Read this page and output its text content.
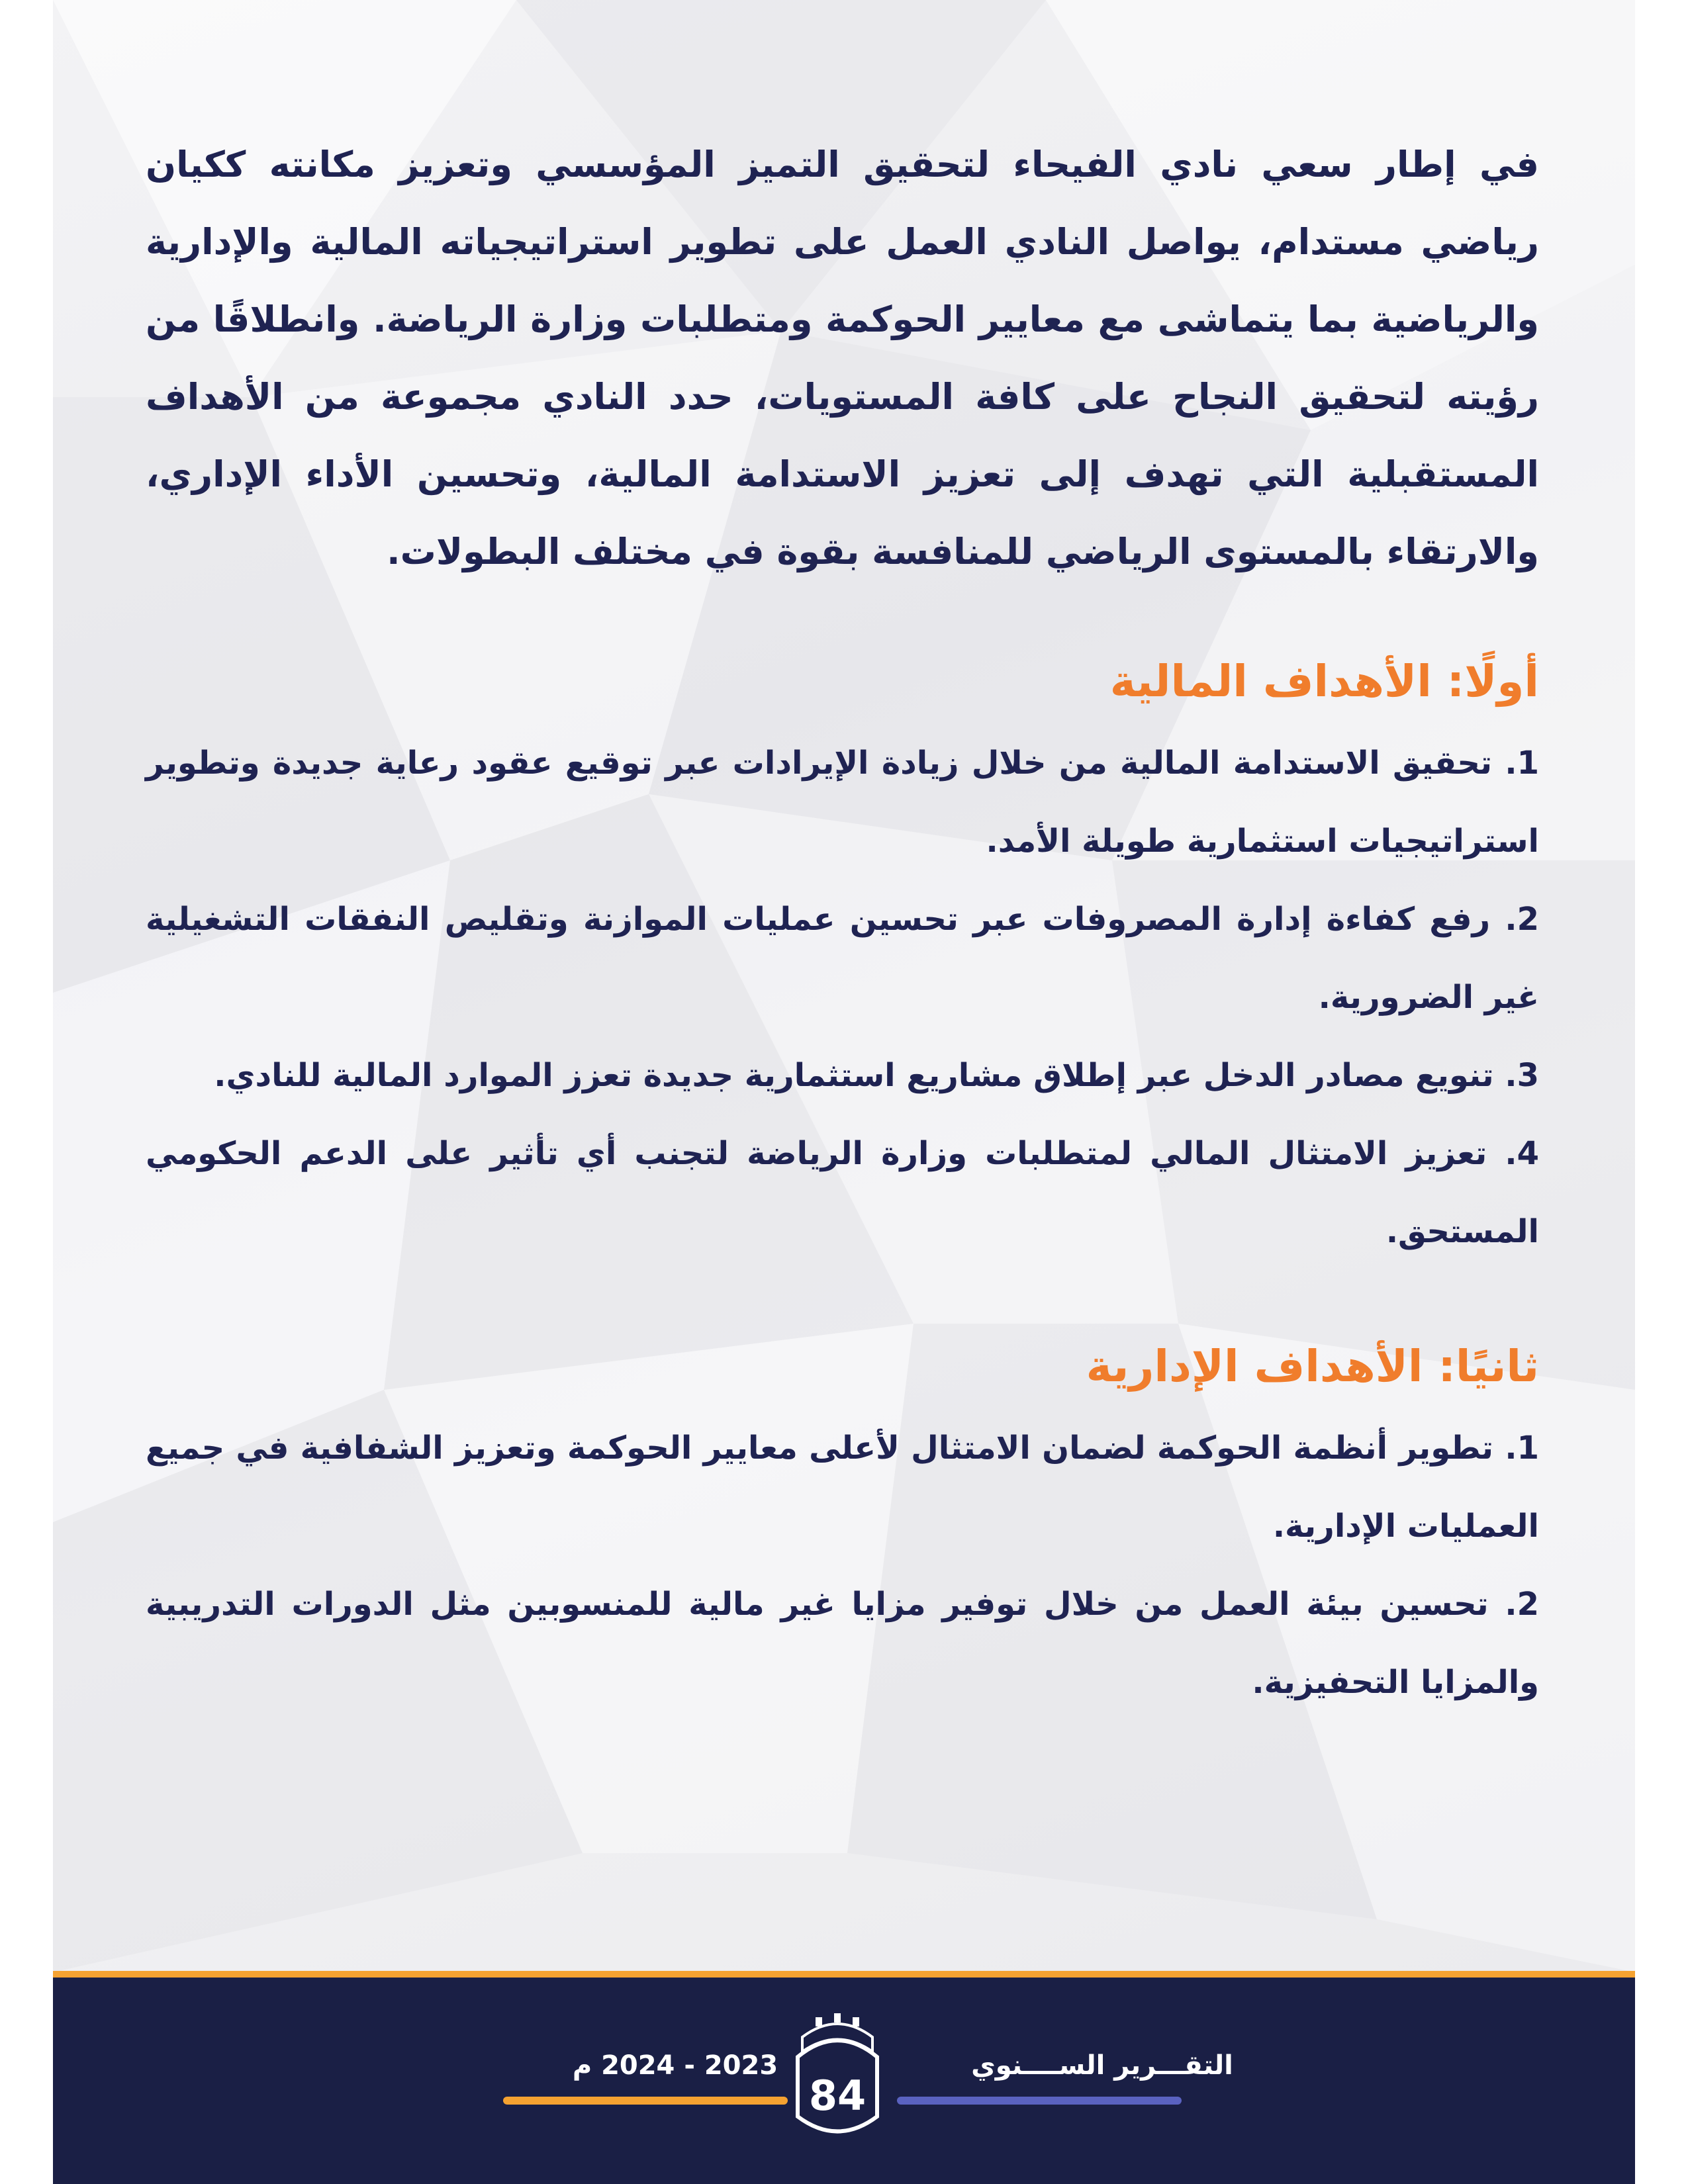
في إطار سعي نادي الفيحاء لتحقيق التميز المؤسسي وتعزيز مكانته ككيان رياضي مستدام، يواصل النادي العمل على تطوير استراتيجياته المالية والإدارية والرياضية بما يتماشى مع معايير الحوكمة ومتطلبات وزارة الرياضة. وانطلاقًا من رؤيته لتحقيق النجاح على كافة المستويات، حدد النادي مجموعة من الأهداف المستقبلية التي تهدف إلى تعزيز الاستدامة المالية، وتحسين الأداء الإداري، والارتقاء بالمستوى الرياضي للمنافسة بقوة في مختلف البطولات.

أولًا: الأهداف المالية
1. تحقيق الاستدامة المالية من خلال زيادة الإيرادات عبر توقيع عقود رعاية جديدة وتطوير استراتيجيات استثمارية طويلة الأمد.
2. رفع كفاءة إدارة المصروفات عبر تحسين عمليات الموازنة وتقليص النفقات التشغيلية غير الضرورية.
3. تنويع مصادر الدخل عبر إطلاق مشاريع استثمارية جديدة تعزز الموارد المالية للنادي.
4. تعزيز الامتثال المالي لمتطلبات وزارة الرياضة لتجنب أي تأثير على الدعم الحكومي المستحق.
ثانيًا: الأهداف الإدارية
1. تطوير أنظمة الحوكمة لضمان الامتثال لأعلى معايير الحوكمة وتعزيز الشفافية في جميع العمليات الإدارية.
2. تحسين بيئة العمل من خلال توفير مزايا غير مالية للمنسوبين مثل الدورات التدريبية والمزايا التحفيزية.
التقـــرير الســــنوي
2023 - 2024 م
84
